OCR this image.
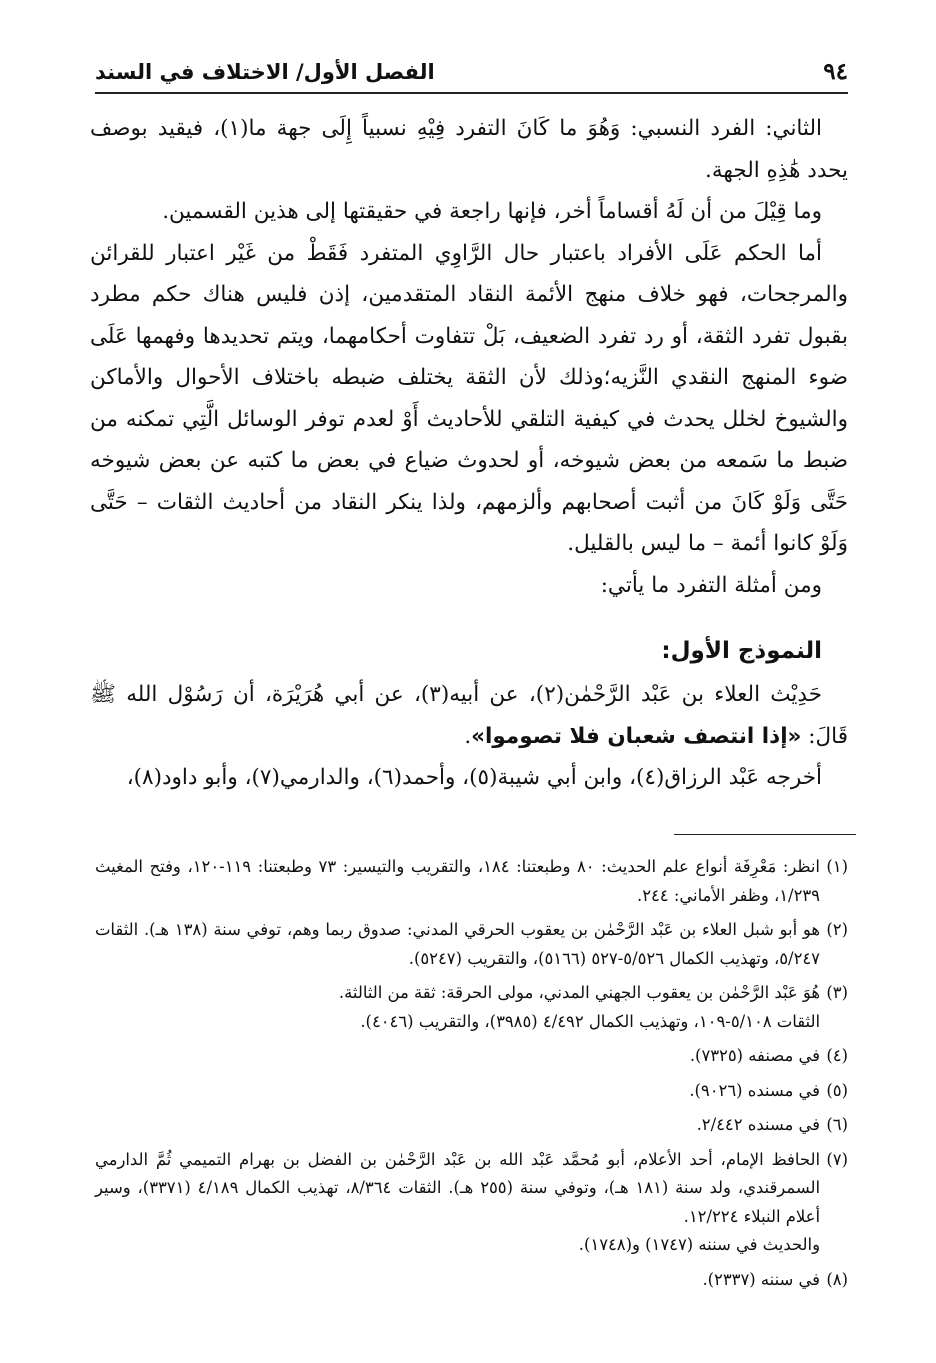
٩٤
الفصل الأول/ الاختلاف في السند

الثاني: الفرد النسبي: وَهُوَ ما كَانَ التفرد فِيْهِ نسبياً إِلَى جهة ما(١)، فيقيد بوصف يحدد هَٰذِهِ الجهة.

وما قِيْلَ من أن لَهُ أقساماً أخر، فإنها راجعة في حقيقتها إلى هذين القسمين.

أما الحكم عَلَى الأفراد باعتبار حال الرَّاوِي المتفرد فَقَطْ من غَيْر اعتبار للقرائن والمرجحات، فهو خلاف منهج الأئمة النقاد المتقدمين، إذن فليس هناك حكم مطرد بقبول تفرد الثقة، أو رد تفرد الضعيف، بَلْ تتفاوت أحكامهما، ويتم تحديدها وفهمها عَلَى ضوء المنهج النقدي النَّزيه؛وذلك لأن الثقة يختلف ضبطه باختلاف الأحوال والأماكن والشيوخ لخلل يحدث في كيفية التلقي للأحاديث أَوْ لعدم توفر الوسائل الَّتِي تمكنه من ضبط ما سَمعه من بعض شيوخه، أو لحدوث ضياع في بعض ما كتبه عن بعض شيوخه حَتَّى وَلَوْ كَانَ من أثبت أصحابهم وألزمهم، ولذا ينكر النقاد من أحاديث الثقات – حَتَّى وَلَوْ كانوا أئمة – ما ليس بالقليل.

ومن أمثلة التفرد ما يأتي:

النموذج الأول:

حَدِيْث العلاء بن عَبْد الرَّحْمٰن(٢)، عن أبيه(٣)، عن أبي هُرَيْرَة، أن رَسُوْل الله ﷺ قَالَ: «إذا انتصف شعبان فلا تصوموا».

أخرجه عَبْد الرزاق(٤)، وابن أبي شيبة(٥)، وأحمد(٦)، والدارمي(٧)، وأبو داود(٨)،

(١)
انظر: مَعْرِفَة أنواع علم الحديث: ٨٠ وطبعتنا: ١٨٤، والتقريب والتيسير: ٧٣ وطبعتنا: ١١٩-١٢٠، وفتح المغيث ١/٢٣٩، وظفر الأماني: ٢٤٤.

(٢)
هو أبو شبل العلاء بن عَبْد الرَّحْمٰن بن يعقوب الحرقي المدني: صدوق ربما وهم، توفي سنة (١٣٨ هـ). الثقات ٥/٢٤٧، وتهذيب الكمال ٥/٥٢٦-٥٢٧ (٥١٦٦)، والتقريب (٥٢٤٧).

(٣)
هُوَ عَبْد الرَّحْمٰن بن يعقوب الجهني المدني، مولى الحرقة: ثقة من الثالثة.
الثقات ٥/١٠٨-١٠٩، وتهذيب الكمال ٤/٤٩٢ (٣٩٨٥)، والتقريب (٤٠٤٦).

(٤)
في مصنفه (٧٣٢٥).

(٥)
في مسنده (٩٠٢٦).

(٦)
في مسنده ٢/٤٤٢.

(٧)
الحافظ الإمام، أحد الأعلام، أبو مُحمَّد عَبْد الله بن عَبْد الرَّحْمٰن بن الفضل بن بهرام التميمي ثُمَّ الدارمي السمرقندي، ولد سنة (١٨١ هـ)، وتوفي سنة (٢٥٥ هـ). الثقات ٨/٣٦٤، تهذيب الكمال ٤/١٨٩ (٣٣٧١)، وسير أعلام النبلاء ١٢/٢٢٤.
والحديث في سننه (١٧٤٧) و(١٧٤٨).

(٨)
في سننه (٢٣٣٧).
